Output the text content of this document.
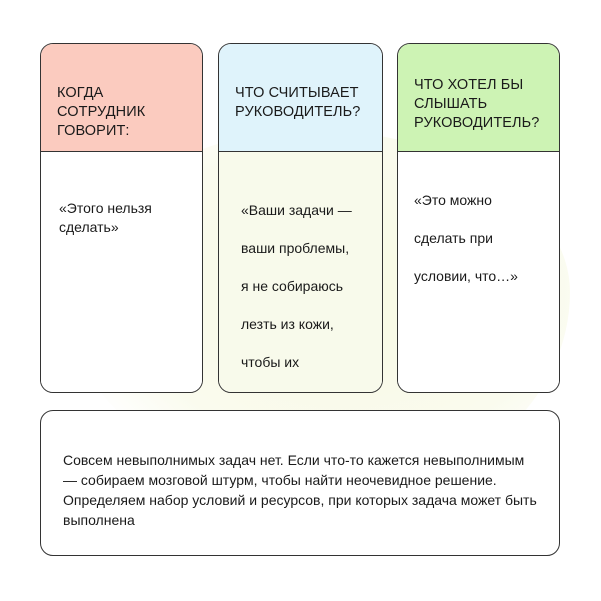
КОГДА СОТРУДНИК ГОВОРИТ:

«Этого нельзя сделать»

ЧТО СЧИТЫВАЕТ РУКОВОДИТЕЛЬ?

«Ваши задачи —

ваши проблемы,

я не собираюсь

лезть из кожи,

чтобы их

ЧТО ХОТЕЛ БЫ СЛЫШАТЬ РУКОВОДИТЕЛЬ?

«Это можно

сделать при

условии, что…»

Совсем невыполнимых задач нет. Если что-то кажется невыполнимым — собираем мозговой штурм, чтобы найти неочевидное решение. Определяем набор условий и ресурсов, при которых задача может быть выполнена
